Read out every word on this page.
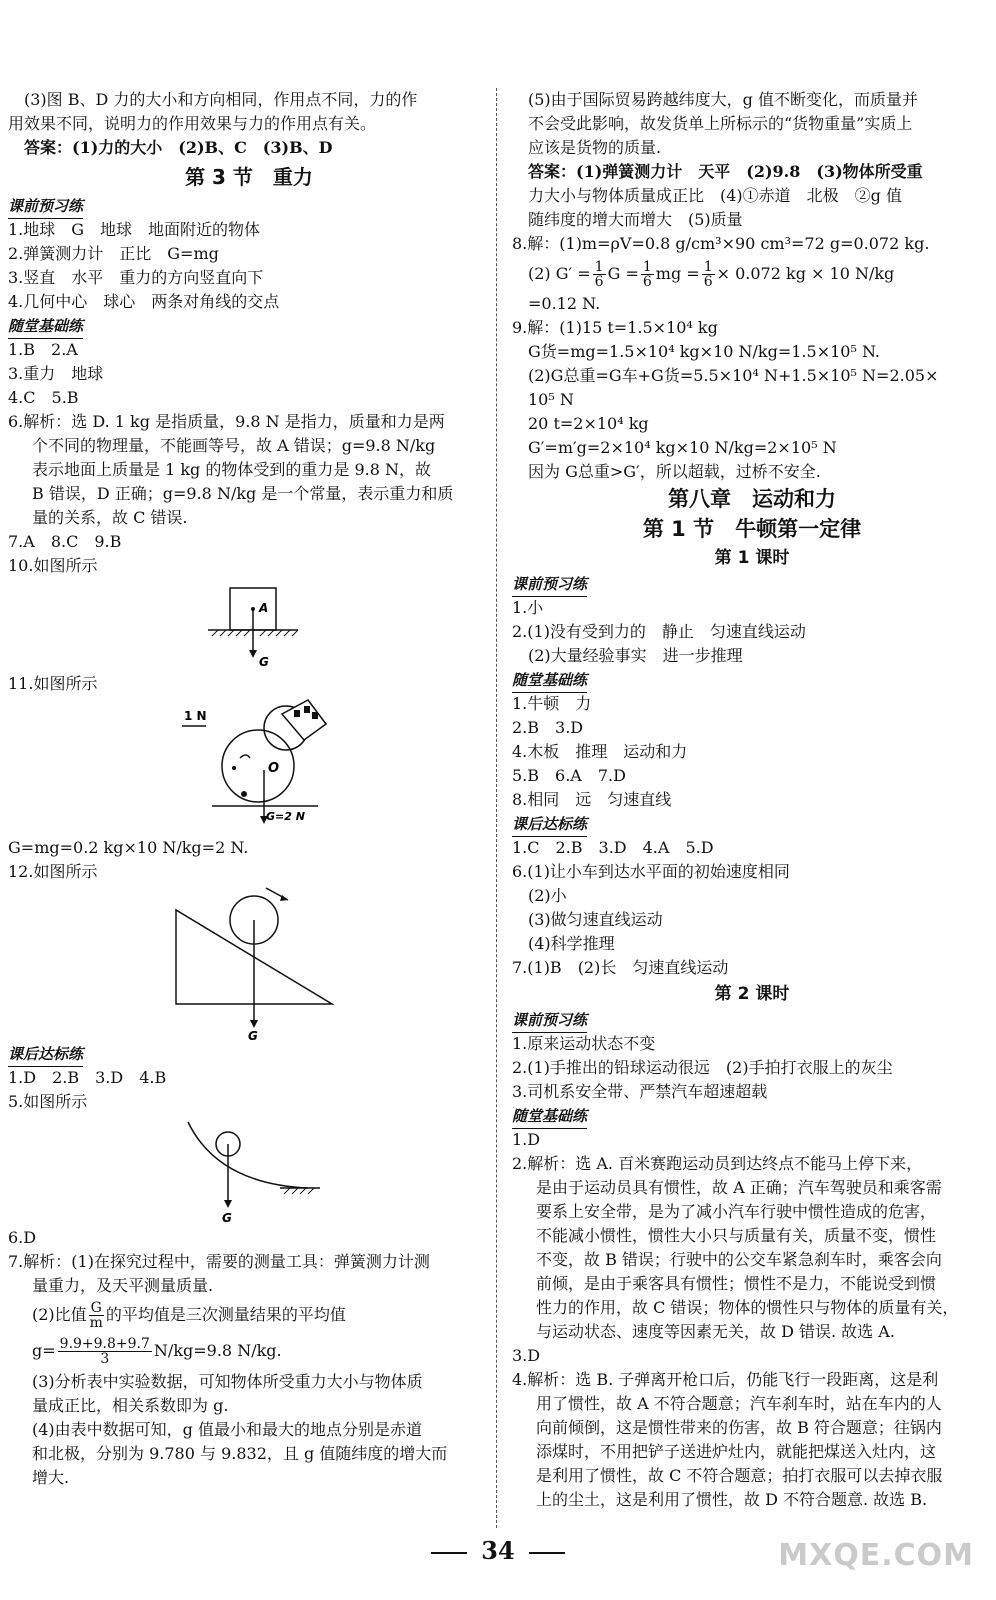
(3)图 B、D 力的大小和方向相同，作用点不同，力的作
用效果不同，说明力的作用效果与力的作用点有关。
答案：(1)力的大小　(2)B、C　(3)B、D
第 3 节　重力
课前预习练
1.地球　G　地球　地面附近的物体
2.弹簧测力计　正比　G=mg
3.竖直　水平　重力的方向竖直向下
4.几何中心　球心　两条对角线的交点
随堂基础练
1.B　2.A
3.重力　地球
4.C　5.B
6.解析：选 D. 1 kg 是指质量，9.8 N 是指力，质量和力是两
个不同的物理量，不能画等号，故 A 错误；g=9.8 N/kg
表示地面上质量是 1 kg 的物体受到的重力是 9.8 N，故
B 错误，D 正确；g=9.8 N/kg 是一个常量，表示重力和质
量的关系，故 C 错误.
7.A　8.C　9.B
10.如图所示
A
G
11.如图所示
1 N
O
G=2 N
G=mg=0.2 kg×10 N/kg=2 N.
12.如图所示
G
课后达标练
1.D　2.B　3.D　4.B
5.如图所示
G
6.D
7.解析：(1)在探究过程中，需要的测量工具：弹簧测力计测
量重力，及天平测量质量.
(2)比值 $\frac{G}{m}$ 的平均值是三次测量结果的平均值
$g= \frac{9.9+9.8+9.7}{3} N/kg=9.8$ N/kg.
(3)分析表中实验数据，可知物体所受重力大小与物体质
量成正比，相关系数即为 g.
(4)由表中数据可知，g 值最小和最大的地点分别是赤道
和北极，分别为 9.780 与 9.832，且 g 值随纬度的增大而
增大.
(5)由于国际贸易跨越纬度大，g 值不断变化，而质量并
不会受此影响，故发货单上所标示的“货物重量”实质上
应该是货物的质量.
答案：(1)弹簧测力计　天平　(2)9.8　(3)物体所受重
力大小与物体质量成正比　(4)①赤道　北极　②g 值
随纬度的增大而增大　(5)质量
8.解：(1)m=ρV=0.8 g/cm³×90 cm³=72 g=0.072 kg.
(2) $G' = \frac{1}{6}$ $G = \frac{1}{6}$ mg = $\frac{1}{6} \times 0.072$ kg × 10 N/kg
=0.12 N.
9.解：(1)15 t=1.5×10⁴ kg
G货=mg=1.5×10⁴ kg×10 N/kg=1.5×10⁵ N.
(2)G总重=G车+G货=5.5×10⁴ N+1.5×10⁵ N=2.05×
10⁵ N
20 t=2×10⁴ kg
G′=m′g=2×10⁴ kg×10 N/kg=2×10⁵ N
因为 G总重>G′，所以超载，过桥不安全.
第八章　运动和力
第 1 节　牛顿第一定律
第 1 课时
课前预习练
1.小
2.(1)没有受到力的　静止　匀速直线运动
(2)大量经验事实　进一步推理
随堂基础练
1.牛顿　力
2.B　3.D
4.木板　推理　运动和力
5.B　6.A　7.D
8.相同　远　匀速直线
课后达标练
1.C　2.B　3.D　4.A　5.D
6.(1)让小车到达水平面的初始速度相同
(2)小
(3)做匀速直线运动
(4)科学推理
7.(1)B　(2)长　匀速直线运动
第 2 课时
课前预习练
1.原来运动状态不变
2.(1)手推出的铅球运动很远　(2)手拍打衣服上的灰尘
3.司机系安全带、严禁汽车超速超载
随堂基础练
1.D
2.解析：选 A. 百米赛跑运动员到达终点不能马上停下来，
是由于运动员具有惯性，故 A 正确；汽车驾驶员和乘客需
要系上安全带，是为了减小汽车行驶中惯性造成的危害，
不能减小惯性，惯性大小只与质量有关，质量不变，惯性
不变，故 B 错误；行驶中的公交车紧急刹车时，乘客会向
前倾，是由于乘客具有惯性；惯性不是力，不能说受到惯
性力的作用，故 C 错误；物体的惯性只与物体的质量有关，
与运动状态、速度等因素无关，故 D 错误. 故选 A.
3.D
4.解析：选 B. 子弹离开枪口后，仍能飞行一段距离，这是利
用了惯性，故 A 不符合题意；汽车刹车时，站在车内的人
向前倾倒，这是惯性带来的伤害，故 B 符合题意；往锅内
添煤时，不用把铲子送进炉灶内，就能把煤送入灶内，这
是利用了惯性，故 C 不符合题意；拍打衣服可以去掉衣服
上的尘土，这是利用了惯性，故 D 不符合题意. 故选 B.
34	MXQE.COM
